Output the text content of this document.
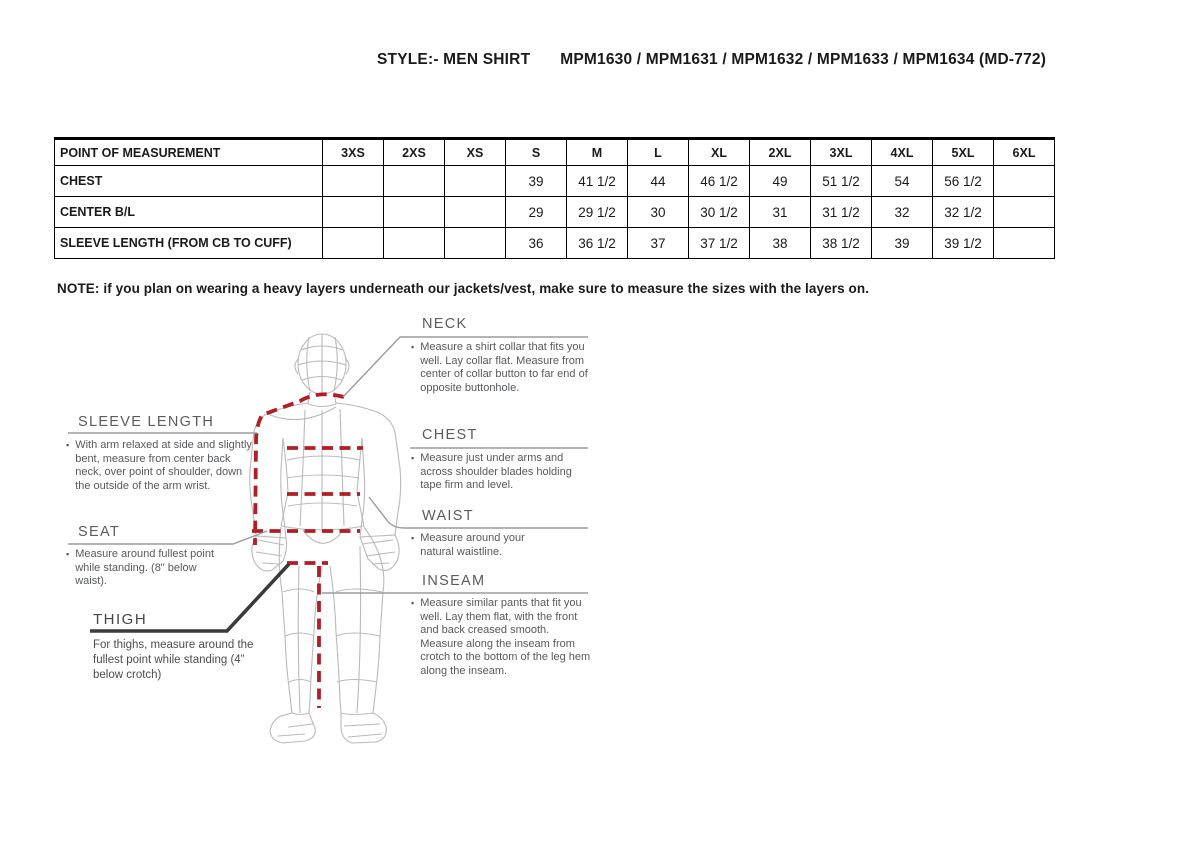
STYLE:- MEN SHIRT MPM1630 / MPM1631 / MPM1632 / MPM1633 / MPM1634 (MD-772)
POINT OF MEASUREMENT	3XS	2XS	XS	S	M	L	XL	2XL	3XL	4XL	5XL	6XL
CHEST				39	41 1/2	44	46 1/2	49	51 1/2	54	56 1/2	
CENTER B/L				29	29 1/2	30	30 1/2	31	31 1/2	32	32 1/2	
SLEEVE LENGTH (FROM CB TO CUFF)				36	36 1/2	37	37 1/2	38	38 1/2	39	39 1/2	
NOTE: if you plan on wearing a heavy layers underneath our jackets/vest, make sure to measure the sizes with the layers on.
NECK
▪ Measure a shirt collar that fits you well. Lay collar flat. Measure from center of collar button to far end of opposite buttonhole.
CHEST
▪ Measure just under arms and across shoulder blades holding tape firm and level.
WAIST
▪ Measure around your natural waistline.
INSEAM
▪ Measure similar pants that fit you well. Lay them flat, with the front and back creased smooth. Measure along the inseam from crotch to the bottom of the leg hem along the inseam.
SLEEVE LENGTH
▪ With arm relaxed at side and slightly bent, measure from center back neck, over point of shoulder, down the outside of the arm wrist.
SEAT
▪ Measure around fullest point while standing. (8" below waist).
THIGH
For thighs, measure around the fullest point while standing (4” below crotch)
